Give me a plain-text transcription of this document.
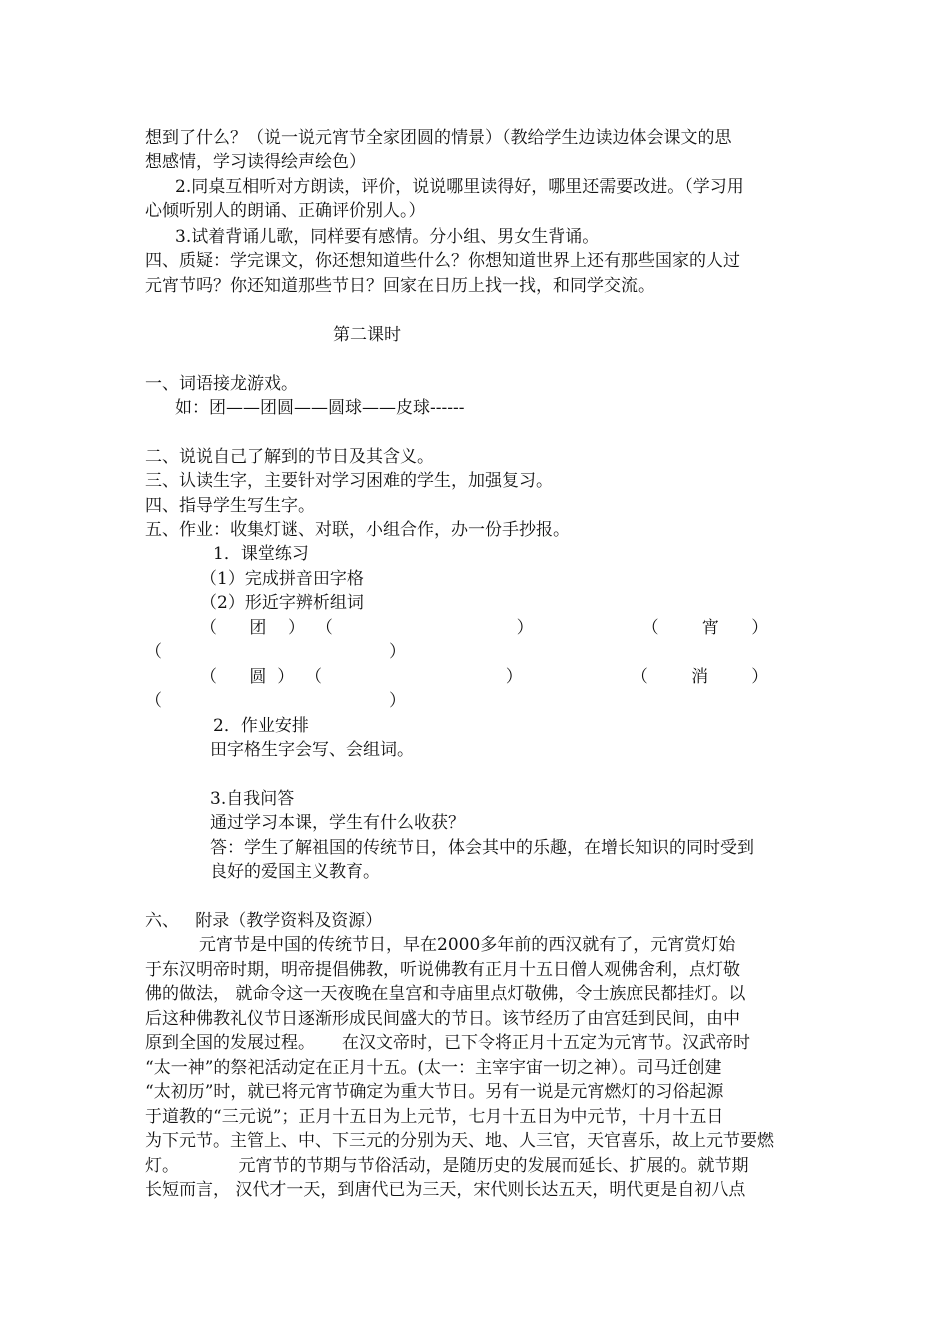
想到了什么？（说一说元宵节全家团圆的情景）（教给学生边读边体会课文的思
想感情，学习读得绘声绘色）
2.同桌互相听对方朗读，评价，说说哪里读得好，哪里还需要改进。（学习用
心倾听别人的朗诵、正确评价别人。）
3.试着背诵儿歌，同样要有感情。分小组、男女生背诵。
四、质疑：学完课文，你还想知道些什么？你想知道世界上还有那些国家的人过
元宵节吗？你还知道那些节日？回家在日历上找一找，和同学交流。
第二课时
一、词语接龙游戏。
如：团——团圆——圆球——皮球------
二、说说自己了解到的节日及其含义。
三、认读生字，主要针对学习困难的学生，加强复习。
四、指导学生写生字。
五、作业：收集灯谜、对联，小组合作，办一份手抄报。
1．课堂练习
（1）完成拼音田字格
（2）形近字辨析组词
（      团    ）  （                                  ）                    （        宵      ）
（                                          ）
（      圆  ）  （                                  ）                    （        消        ）
（                                          ）
2．作业安排
田字格生字会写、会组词。
3.自我问答
通过学习本课，学生有什么收获？
答：学生了解祖国的传统节日，体会其中的乐趣，在增长知识的同时受到
良好的爱国主义教育。
六、   附录（教学资料及资源）
元宵节是中国的传统节日，早在2000多年前的西汉就有了，元宵赏灯始
于东汉明帝时期，明帝提倡佛教，听说佛教有正月十五日僧人观佛舍利，点灯敬
佛的做法， 就命令这一天夜晚在皇宫和寺庙里点灯敬佛，令士族庶民都挂灯。以
后这种佛教礼仪节日逐渐形成民间盛大的节日。该节经历了由宫廷到民间，由中
原到全国的发展过程。     在汉文帝时，已下令将正月十五定为元宵节。汉武帝时
“太一神”的祭祀活动定在正月十五。(太一：主宰宇宙一切之神）。司马迁创建
“太初历”时，就已将元宵节确定为重大节日。另有一说是元宵燃灯的习俗起源
于道教的“三元说”；正月十五日为上元节，七月十五日为中元节，十月十五日
为下元节。主管上、中、下三元的分别为天、地、人三官，天官喜乐，故上元节要燃
灯。           元宵节的节期与节俗活动，是随历史的发展而延长、扩展的。就节期
长短而言， 汉代才一天，到唐代已为三天，宋代则长达五天，明代更是自初八点
